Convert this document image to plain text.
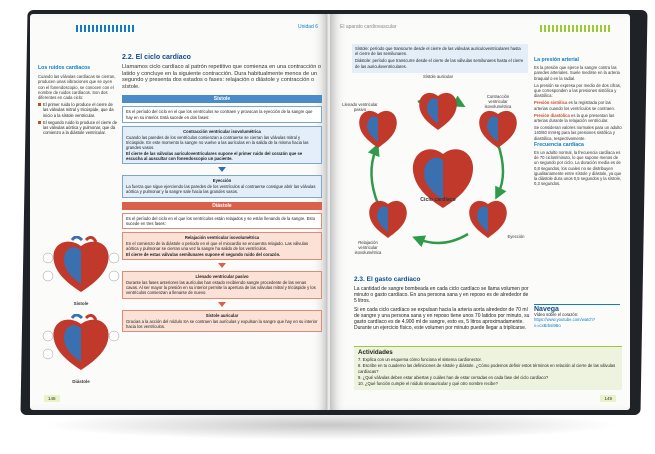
Unidad 6
Los ruidos cardíacos

Cuando las válvulas cardíacas se cierran, producen unas vibraciones que se oyen con el fonendoscopio, se conocen con el nombre de ruidos cardíacos. Son dos diferentes en cada ciclo:

El primer ruido lo produce el cierre de las válvulas mitral y tricúspide, que da inicio a la sístole ventricular.
El segundo ruido lo produce el cierre de las válvulas aórtica y pulmonar, que da comienzo a la diástole ventricular.
Sístole
Diástole
2.2. El ciclo cardíaco
Llamamos ciclo cardíaco al patrón repetitivo que comienza en una contracción o latido y concluye en la siguiente contracción. Dura habitualmente menos de un segundo y presenta dos estados o fases: relajación o diástole y contracción o sístole.
Sístole
Es el período del ciclo en el que los ventrículos se contraen y provocan la eyección de la sangre que hay en su interior. Está sucede en dos fases:
Contracción ventricular isovolumétrica
Cuando las paredes de los ventrículos comienzan a contraerse se cierran las válvulas mitral y tricúspide. En este momento la sangre no vuelve a las aurículas en la salida de la misma hacia las grandes vasos.
El cierre de las válvulas auriculoventriculares supone el primer ruido del corazón que se escucha al auscultar con fonendoscopio un paciente.
Eyección
La fuerza que sigue ejerciendo las paredes de los ventrículos al contraerse consigue abrir las válvulas aórtica y pulmonar y la sangre sale hacia las grandes vasos.
Diástole
Es el período del ciclo en el que los ventrículos están relajados y se están llenando de la sangre. Esto sucede en tres fases:
Relajación ventricular isovolumétrica
En el comienzo de la diástole o periodo en el que el miocardio se encuentra relajado. Las válvulas aórtica y pulmonar se cierran una vez la sangre ha salido de los ventrículos.
El cierre de estas válvulas semilunares supone el segundo ruido del corazón.
Llenado ventricular pasivo
Durante las fases anteriores las aurículas han estado recibiendo sangre procedente de las venas cavas. Al ser mayor la presión en su interior permite la apertura de las válvulas mitral y tricúspide y los ventrículos comienzan a llenarse de nuevo.
Sístole auricular
Gracias a la acción del nódulo SA se contraen las aurículas y expulsan la sangre que hay en su interior hacia los ventrículos.
148
El aparato cardiovascular

Sístole: período que transcurre desde el cierre de las válvulas auriculoventriculares hasta el cierre de las semilunares.

Diástole: período que transcurre desde el cierre de las válvulas semilunares hasta el cierre de las auriculoventriculares.

Ciclo cardíaco
Sístole auricular
Contracción ventricular isovolumétrica
Llenado ventricular pasivo
Eyección
Relajación ventricular isovolumétrica
La presión arterial

Es la presión que ejerce la sangre contra las paredes arteriales. Suele medirse en la arteria braquial o en la radial.

La presión se expresa por medio de dos cifras, que corresponden a las presiones sistólica y diastólica:

Presión sistólica es la registrada por las arterias cuando los ventrículos se contraen.

Presión diastólica es la que presentan las arterias durante la relajación ventricular.

Se consideran valores normales para un adulto 140/60 mmHg para las presiones sistólica y diastólica, respectivamente.

Frecuencia cardíaca

En un adulto normal, la frecuencia cardíaca es de 70 ciclos/minuto, lo que supone menos de un segundo por ciclo. La duración media es de 0,8 segundos, los cuales no se distribuyen igualitariamente entre sístole y diástole, ya que la diástole dura unos 0,5 segundos y la sístole, 0,3 segundos.

Navega

Vídeo sobre el corazón:

https://www.youtube.com/watch?v=icxBrbsi9Bo

2.3. El gasto cardíaco

La cantidad de sangre bombeada en cada ciclo cardíaco se llama volumen por minuto o gasto cardíaco. En una persona sana y en reposo es de alrededor de 5 litros.

Si en cada ciclo cardíaco se expulsan hacia la arteria aorta alrededor de 70 ml de sangre y una persona sana y en reposo tiene unos 70 latidos por minuto, su gasto cardíaco es de 4.900 ml de sangre, esto es, 5 litros aproximadamente. Durante un ejercicio físico, este volumen por minuto puede llegar a triplicarse.

Actividades

7. Explica con un esquema cómo funciona el sistema cardionector.

8. Escribe en tu cuaderno las definiciones de sístole y diástole. ¿Cómo podemos definir estos términos en relación al cierre de las válvulas cardíacas?

9. ¿Qué válvulas deben estar abiertas y cuáles han de estar cerradas en cada fase del ciclo cardíaco?

10. ¿Qué función cumple el nódulo sinoauricular y qué otro nombre recibe?

149
